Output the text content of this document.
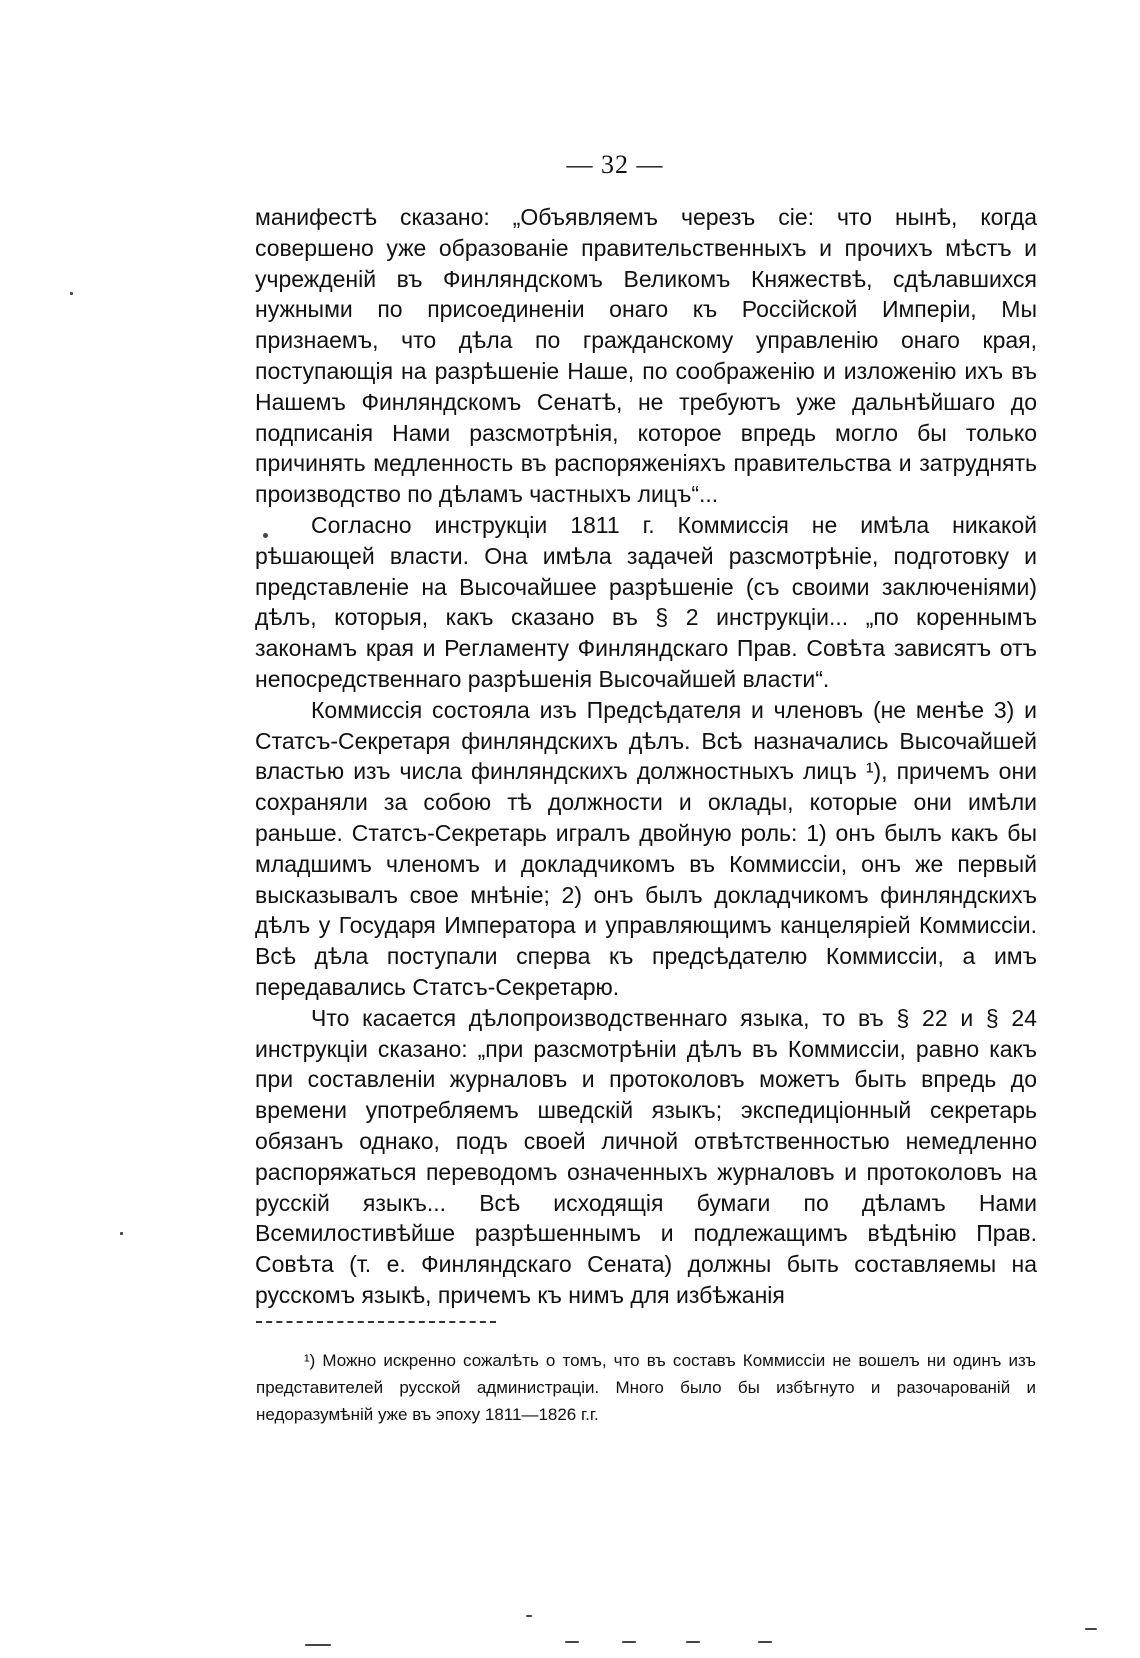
— 32 —

манифестѣ сказано: „Объявляемъ черезъ сіе: что нынѣ, когда совершено уже образованіе правительственныхъ и прочихъ мѣстъ и учрежденій въ Финляндскомъ Великомъ Княжествѣ, сдѣлавшихся нужными по присоединеніи онаго къ Россійской Имперіи, Мы признаемъ, что дѣла по гражданскому управленію онаго края, поступающія на разрѣшеніе Наше, по соображенію и изложенію ихъ въ Нашемъ Финляндскомъ Сенатѣ, не требуютъ уже дальнѣйшаго до подписанія Нами разсмотрѣнія, которое впредь могло бы только причинять медленность въ распоряженіяхъ правительства и затруднять производство по дѣламъ частныхъ лицъ“...

Согласно инструкціи 1811 г. Коммиссія не имѣла никакой рѣшающей власти. Она имѣла задачей разсмотрѣніе, подготовку и представленіе на Высочайшее разрѣшеніе (съ своими заключеніями) дѣлъ, которыя, какъ сказано въ § 2 инструкціи... „по кореннымъ законамъ края и Регламенту Финляндскаго Прав. Совѣта зависятъ отъ непосредственнаго разрѣшенія Высочайшей власти“.

Коммиссія состояла изъ Предсѣдателя и членовъ (не менѣе 3) и Статсъ-Секретаря финляндскихъ дѣлъ. Всѣ назначались Высочайшей властью изъ числа финляндскихъ должностныхъ лицъ ¹), причемъ они сохраняли за собою тѣ должности и оклады, которые они имѣли раньше. Статсъ-Секретарь игралъ двойную роль: 1) онъ былъ какъ бы младшимъ членомъ и докладчикомъ въ Коммиссіи, онъ же первый высказывалъ свое мнѣніе; 2) онъ былъ докладчикомъ финляндскихъ дѣлъ у Государя Императора и управляющимъ канцеляріей Коммиссіи. Всѣ дѣла поступали сперва къ предсѣдателю Коммиссіи, а имъ передавались Статсъ-Секретарю.

Что касается дѣлопроизводственнаго языка, то въ § 22 и § 24 инструкціи сказано: „при разсмотрѣніи дѣлъ въ Коммиссіи, равно какъ при составленіи журналовъ и протоколовъ можетъ быть впредь до времени употребляемъ шведскій языкъ; экспедиціонный секретарь обязанъ однако, подъ своей личной отвѣтственностью немедленно распоряжаться переводомъ означенныхъ журналовъ и протоколовъ на русскій языкъ... Всѣ исходящія бумаги по дѣламъ Нами Всемилостивѣйше разрѣшеннымъ и подлежащимъ вѣдѣнію Прав. Совѣта (т. е. Финляндскаго Сената) должны быть составляемы на русскомъ языкѣ, причемъ къ нимъ для избѣжанія

¹) Можно искренно сожалѣть о томъ, что въ составъ Коммиссіи не вошелъ ни одинъ изъ представителей русской администраціи. Много было бы избѣгнуто и разочарованій и недоразумѣній уже въ эпоху 1811—1826 г.г.
